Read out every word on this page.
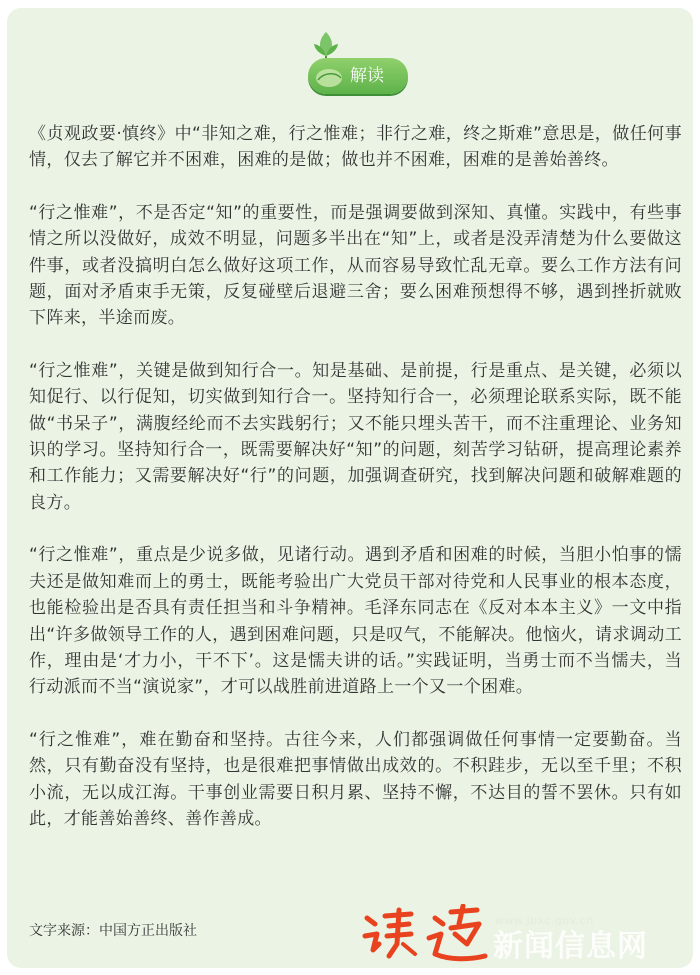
解读

《贞观政要·慎终》中“非知之难，行之惟难；非行之难，终之斯难”意思是，做任何事情，仅去了解它并不困难，困难的是做；做也并不困难，困难的是善始善终。

“行之惟难”，不是否定“知”的重要性，而是强调要做到深知、真懂。实践中，有些事情之所以没做好，成效不明显，问题多半出在“知”上，或者是没弄清楚为什么要做这件事，或者没搞明白怎么做好这项工作，从而容易导致忙乱无章。要么工作方法有问题，面对矛盾束手无策，反复碰壁后退避三舍；要么困难预想得不够，遇到挫折就败下阵来，半途而废。

“行之惟难”，关键是做到知行合一。知是基础、是前提，行是重点、是关键，必须以知促行、以行促知，切实做到知行合一。坚持知行合一，必须理论联系实际，既不能做“书呆子”，满腹经纶而不去实践躬行；又不能只埋头苦干，而不注重理论、业务知识的学习。坚持知行合一，既需要解决好“知”的问题，刻苦学习钻研，提高理论素养和工作能力；又需要解决好“行”的问题，加强调查研究，找到解决问题和破解难题的良方。

“行之惟难”，重点是少说多做，见诸行动。遇到矛盾和困难的时候，当胆小怕事的懦夫还是做知难而上的勇士，既能考验出广大党员干部对待党和人民事业的根本态度，也能检验出是否具有责任担当和斗争精神。毛泽东同志在《反对本本主义》一文中指出“许多做领导工作的人，遇到困难问题，只是叹气，不能解决。他恼火，请求调动工作，理由是‘才力小，干不下’。这是懦夫讲的话。”实践证明，当勇士而不当懦夫，当行动派而不当“演说家”，才可以战胜前进道路上一个又一个困难。

“行之惟难”，难在勤奋和坚持。古往今来，人们都强调做任何事情一定要勤奋。当然，只有勤奋没有坚持，也是很难把事情做出成效的。不积跬步，无以至千里；不积小流，无以成江海。干事创业需要日积月累、坚持不懈，不达目的誓不罢休。只有如此，才能善始善终、善作善成。

文字来源：中国方正出版社
www.jbxc.gov.cn
新闻信息网
